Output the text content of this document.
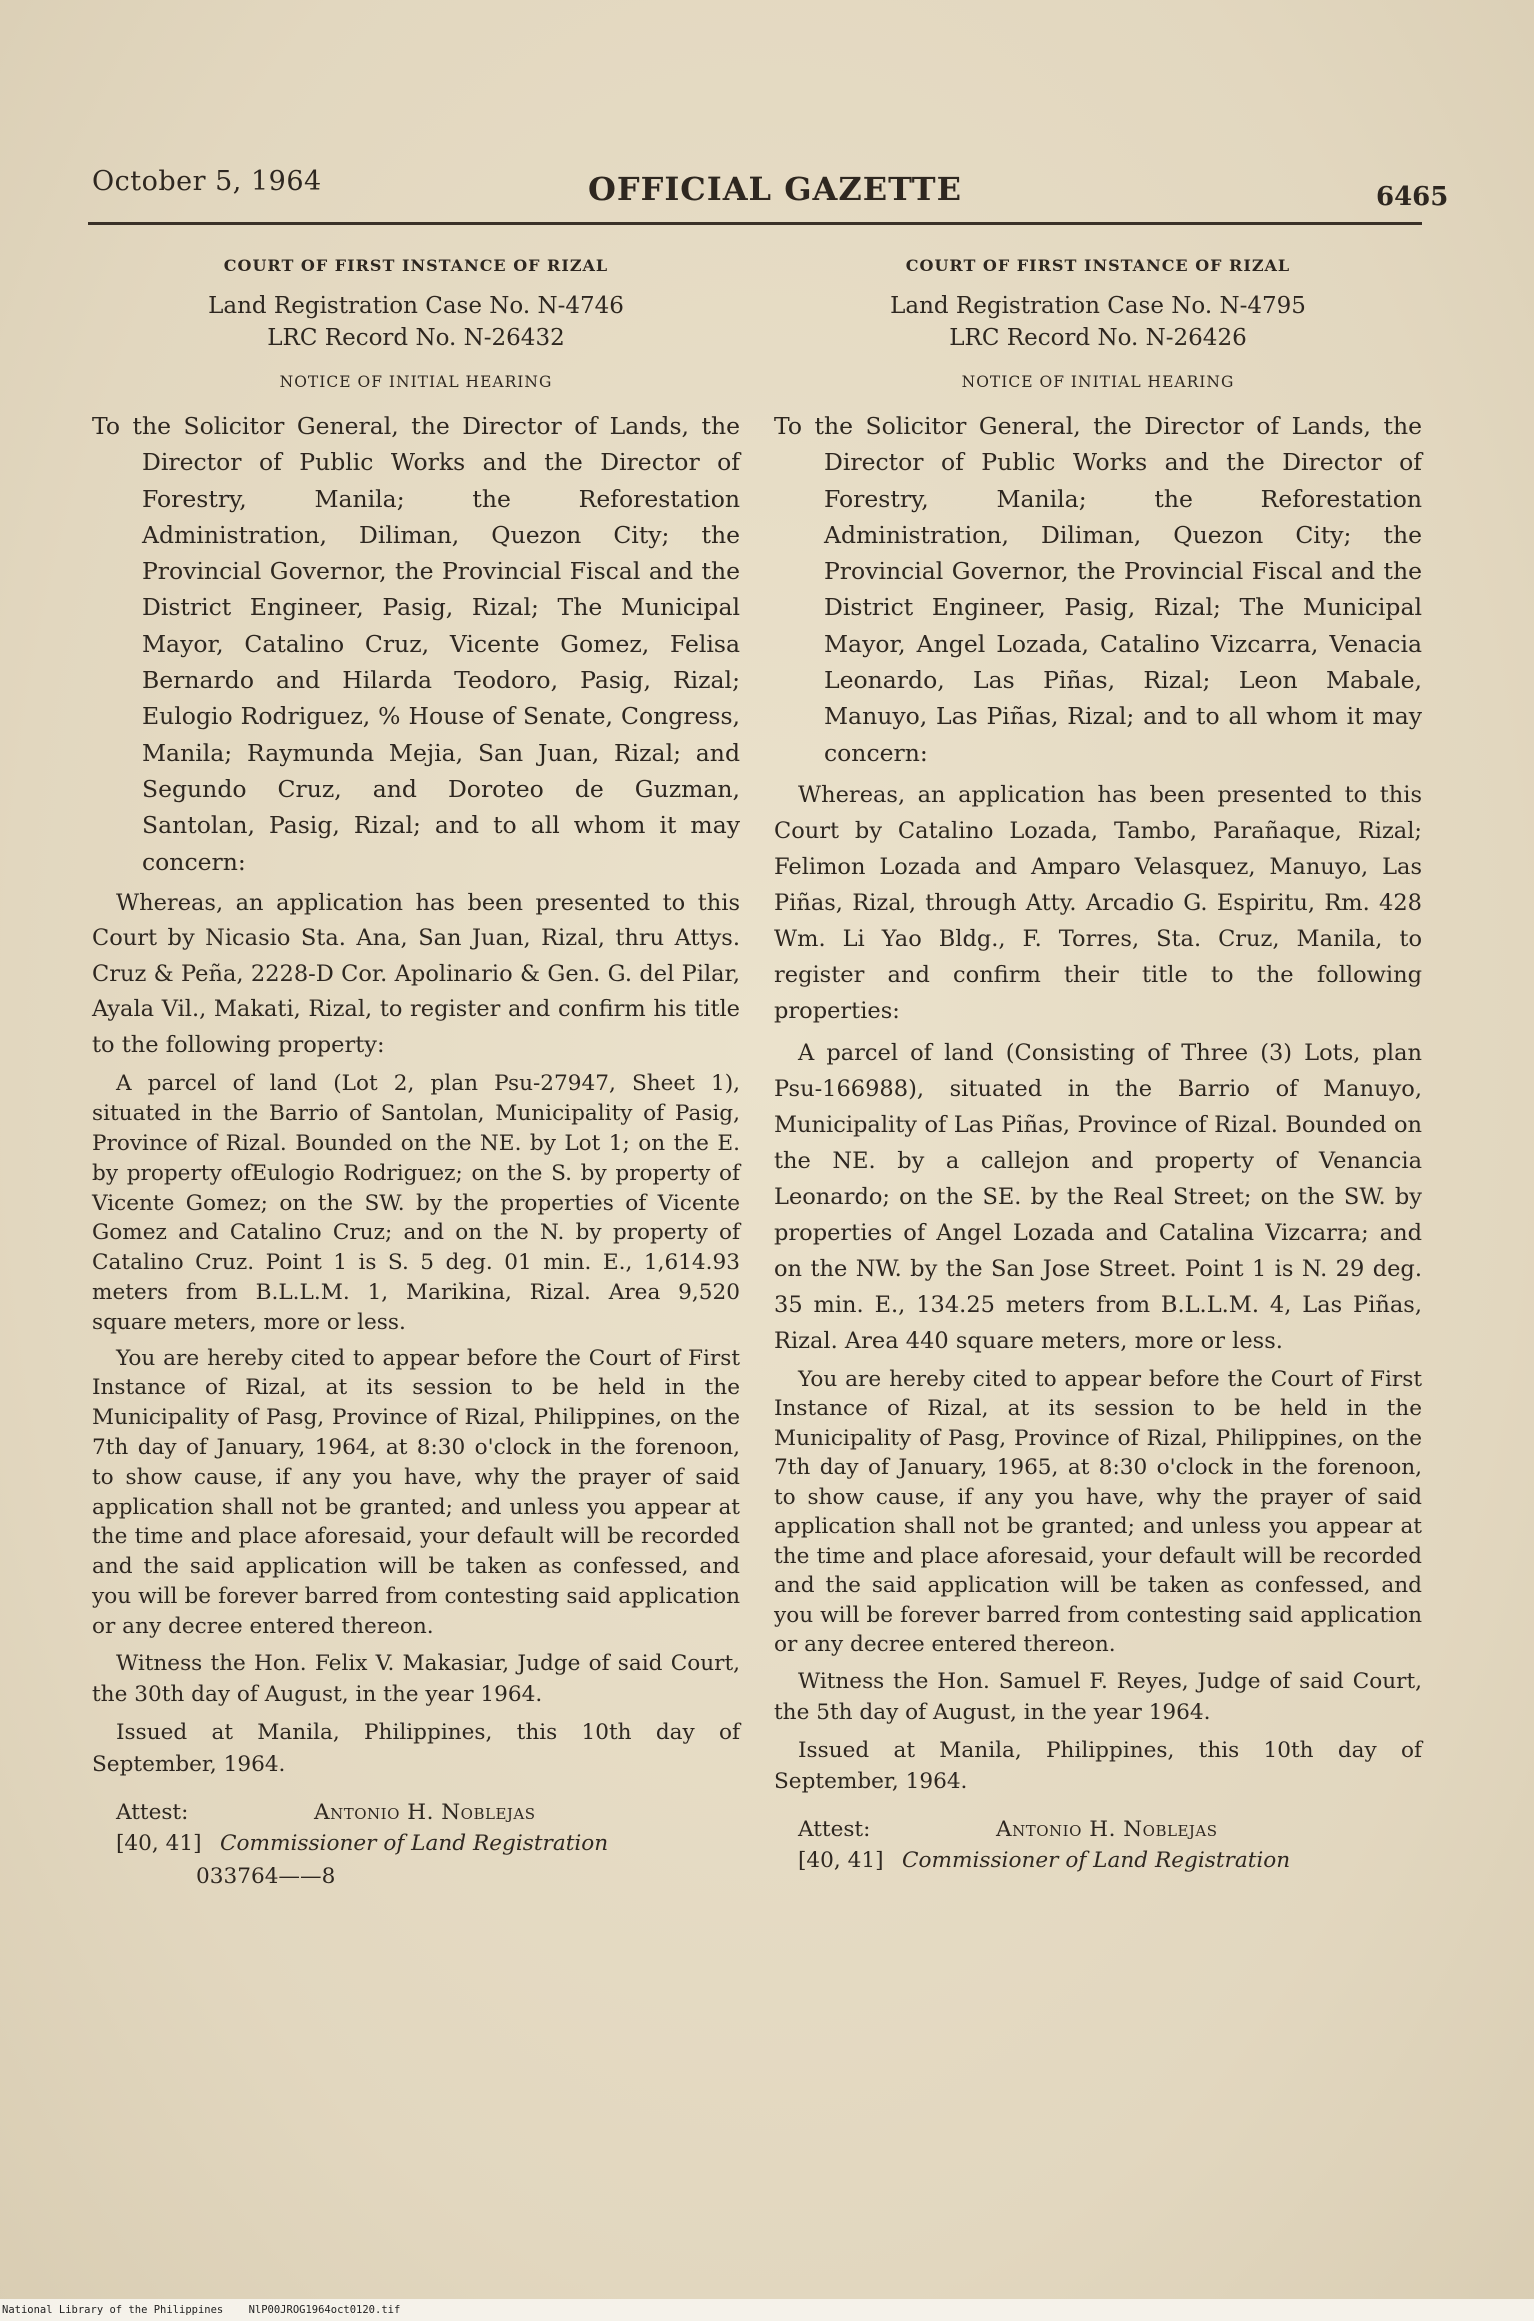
October 5, 1964	OFFICIAL GAZETTE	6465

COURT OF FIRST INSTANCE OF RIZAL

Land Registration Case No. N-4746

LRC Record No. N-26432

NOTICE OF INITIAL HEARING

To the Solicitor General, the Director of Lands, the Director of Public Works and the Director of Forestry, Manila; the Reforestation Administration, Diliman, Quezon City; the Provincial Governor, the Provincial Fiscal and the District Engineer, Pasig, Rizal; The Municipal Mayor, Catalino Cruz, Vicente Gomez, Felisa Bernardo and Hilarda Teodoro, Pasig, Rizal; Eulogio Rodriguez, % House of Senate, Congress, Manila; Raymunda Mejia, San Juan, Rizal; and Segundo Cruz, and Doroteo de Guzman, Santolan, Pasig, Rizal; and to all whom it may concern:

Whereas, an application has been presented to this Court by Nicasio Sta. Ana, San Juan, Rizal, thru Attys. Cruz & Peña, 2228-D Cor. Apolinario & Gen. G. del Pilar, Ayala Vil., Makati, Rizal, to register and confirm his title to the following property:

A parcel of land (Lot 2, plan Psu-27947, Sheet 1), situated in the Barrio of Santolan, Municipality of Pasig, Province of Rizal. Bounded on the NE. by Lot 1; on the E. by property ofEulogio Rodriguez; on the S. by property of Vicente Gomez; on the SW. by the properties of Vicente Gomez and Catalino Cruz; and on the N. by property of Catalino Cruz. Point 1 is S. 5 deg. 01 min. E., 1,614.93 meters from B.L.L.M. 1, Marikina, Rizal. Area 9,520 square meters, more or less.

You are hereby cited to appear before the Court of First Instance of Rizal, at its session to be held in the Municipality of Pasg, Province of Rizal, Philippines, on the 7th day of January, 1964, at 8:30 o'clock in the forenoon, to show cause, if any you have, why the prayer of said application shall not be granted; and unless you appear at the time and place aforesaid, your default will be recorded and the said application will be taken as confessed, and you will be forever barred from contesting said application or any decree entered thereon.

Witness the Hon. Felix V. Makasiar, Judge of said Court, the 30th day of August, in the year 1964.

Issued at Manila, Philippines, this 10th day of September, 1964.

Attest:	Antonio H. Noblejas
[40, 41] Commissioner of Land Registration
033764——8

COURT OF FIRST INSTANCE OF RIZAL

Land Registration Case No. N-4795

LRC Record No. N-26426

NOTICE OF INITIAL HEARING

To the Solicitor General, the Director of Lands, the Director of Public Works and the Director of Forestry, Manila; the Reforestation Administration, Diliman, Quezon City; the Provincial Governor, the Provincial Fiscal and the District Engineer, Pasig, Rizal; The Municipal Mayor, Angel Lozada, Catalino Vizcarra, Venacia Leonardo, Las Piñas, Rizal; Leon Mabale, Manuyo, Las Piñas, Rizal; and to all whom it may concern:

Whereas, an application has been presented to this Court by Catalino Lozada, Tambo, Parañaque, Rizal; Felimon Lozada and Amparo Velasquez, Manuyo, Las Piñas, Rizal, through Atty. Arcadio G. Espiritu, Rm. 428 Wm. Li Yao Bldg., F. Torres, Sta. Cruz, Manila, to register and confirm their title to the following properties:

A parcel of land (Consisting of Three (3) Lots, plan Psu-166988), situated in the Barrio of Manuyo, Municipality of Las Piñas, Province of Rizal. Bounded on the NE. by a callejon and property of Venancia Leonardo; on the SE. by the Real Street; on the SW. by properties of Angel Lozada and Catalina Vizcarra; and on the NW. by the San Jose Street. Point 1 is N. 29 deg. 35 min. E., 134.25 meters from B.L.L.M. 4, Las Piñas, Rizal. Area 440 square meters, more or less.

You are hereby cited to appear before the Court of First Instance of Rizal, at its session to be held in the Municipality of Pasg, Province of Rizal, Philippines, on the 7th day of January, 1965, at 8:30 o'clock in the forenoon, to show cause, if any you have, why the prayer of said application shall not be granted; and unless you appear at the time and place aforesaid, your default will be recorded and the said application will be taken as confessed, and you will be forever barred from contesting said application or any decree entered thereon.

Witness the Hon. Samuel F. Reyes, Judge of said Court, the 5th day of August, in the year 1964.

Issued at Manila, Philippines, this 10th day of September, 1964.

Attest:	Antonio H. Noblejas
[40, 41] Commissioner of Land Registration
National Library of the Philippines NlP00JROG1964oct0120.tif
